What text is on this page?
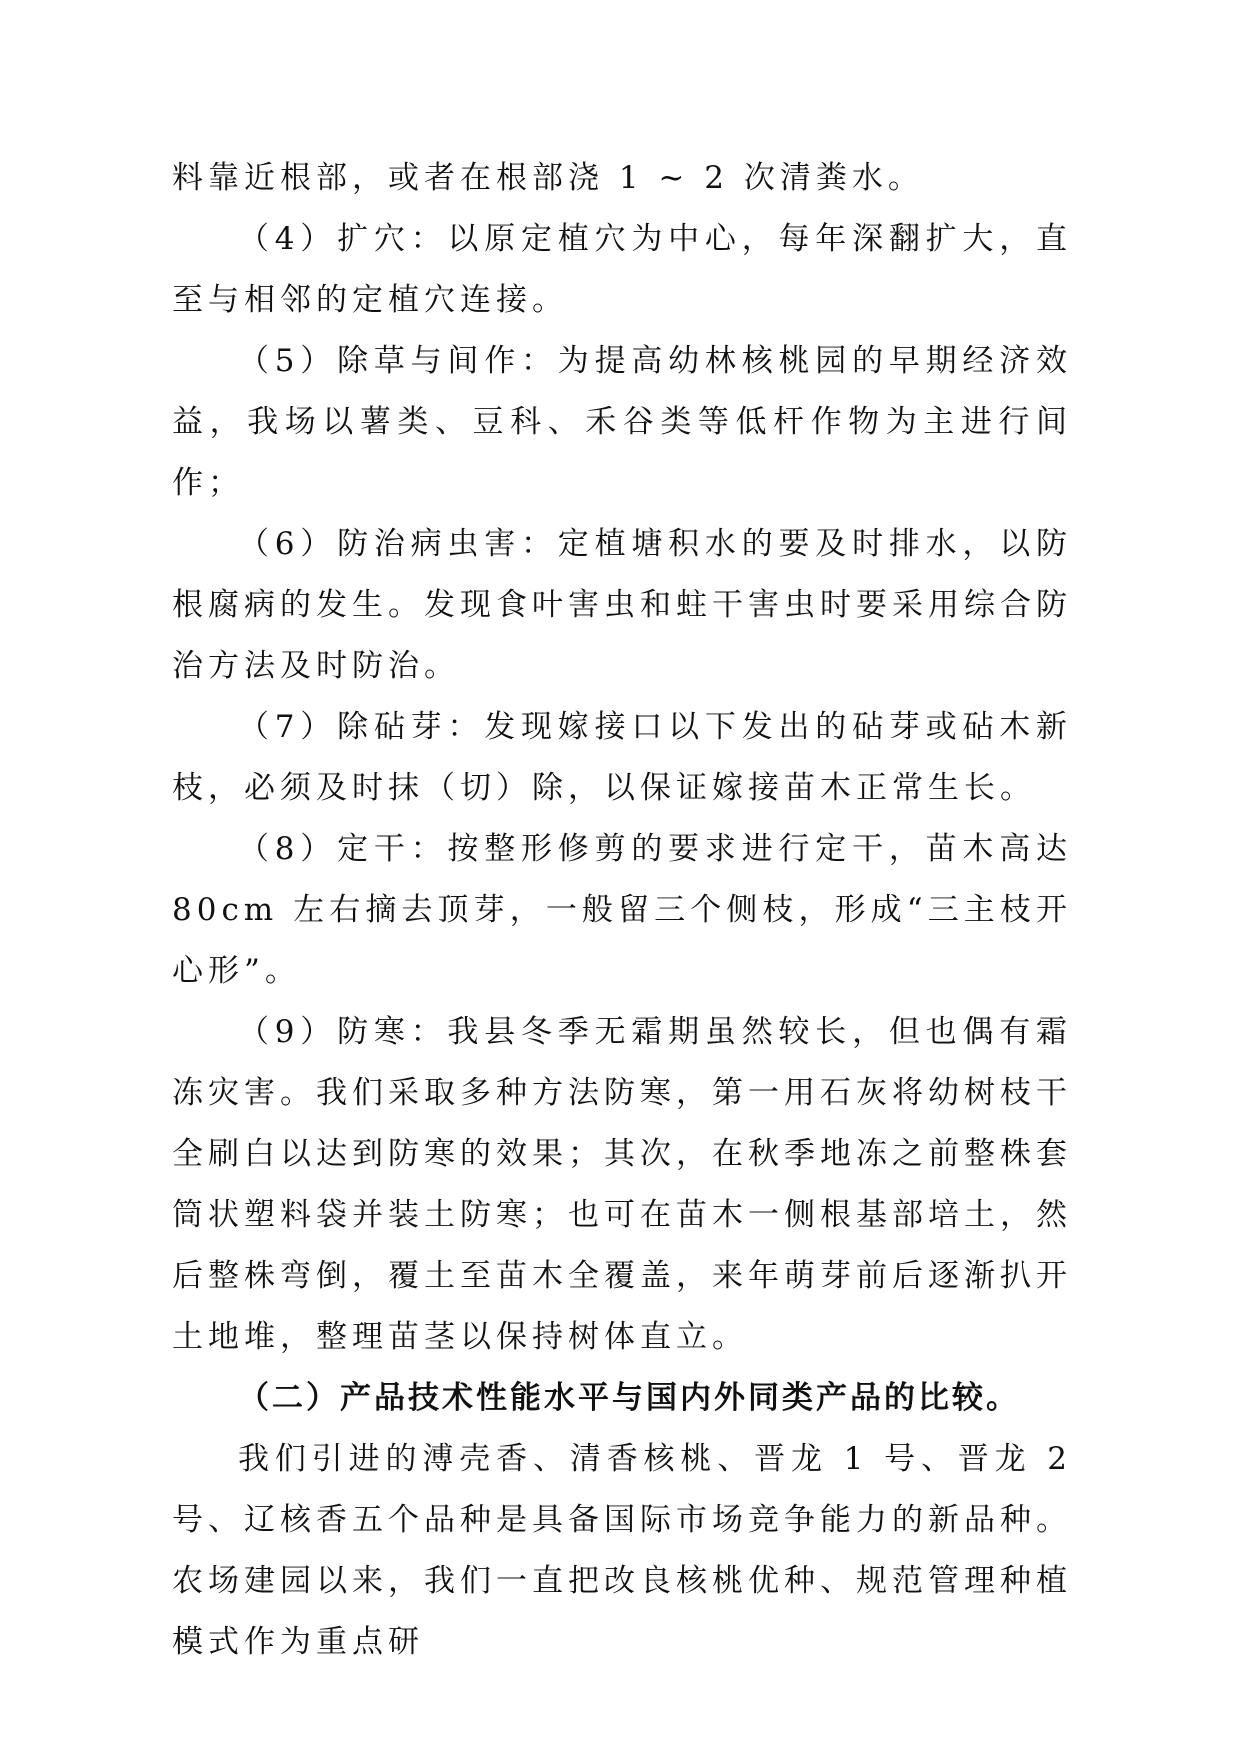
料靠近根部，或者在根部浇 1 ~ 2 次清粪水。

（4）扩穴：以原定植穴为中心，每年深翻扩大，直至与相邻的定植穴连接。

（5）除草与间作：为提高幼林核桃园的早期经济效益，我场以薯类、豆科、禾谷类等低杆作物为主进行间作；

（6）防治病虫害：定植塘积水的要及时排水，以防根腐病的发生。发现食叶害虫和蛀干害虫时要采用综合防治方法及时防治。

（7）除砧芽：发现嫁接口以下发出的砧芽或砧木新枝，必须及时抹（切）除，以保证嫁接苗木正常生长。

（8）定干：按整形修剪的要求进行定干，苗木高达 80cm 左右摘去顶芽，一般留三个侧枝，形成“三主枝开心形”。

（9）防寒：我县冬季无霜期虽然较长，但也偶有霜冻灾害。我们采取多种方法防寒，第一用石灰将幼树枝干全刷白以达到防寒的效果；其次，在秋季地冻之前整株套筒状塑料袋并装土防寒；也可在苗木一侧根基部培土，然后整株弯倒，覆土至苗木全覆盖，来年萌芽前后逐渐扒开土地堆，整理苗茎以保持树体直立。

（二）产品技术性能水平与国内外同类产品的比较。

我们引进的溥壳香、清香核桃、晋龙 1 号、晋龙 2 号、辽核香五个品种是具备国际市场竞争能力的新品种。农场建园以来，我们一直把改良核桃优种、规范管理种植模式作为重点研
